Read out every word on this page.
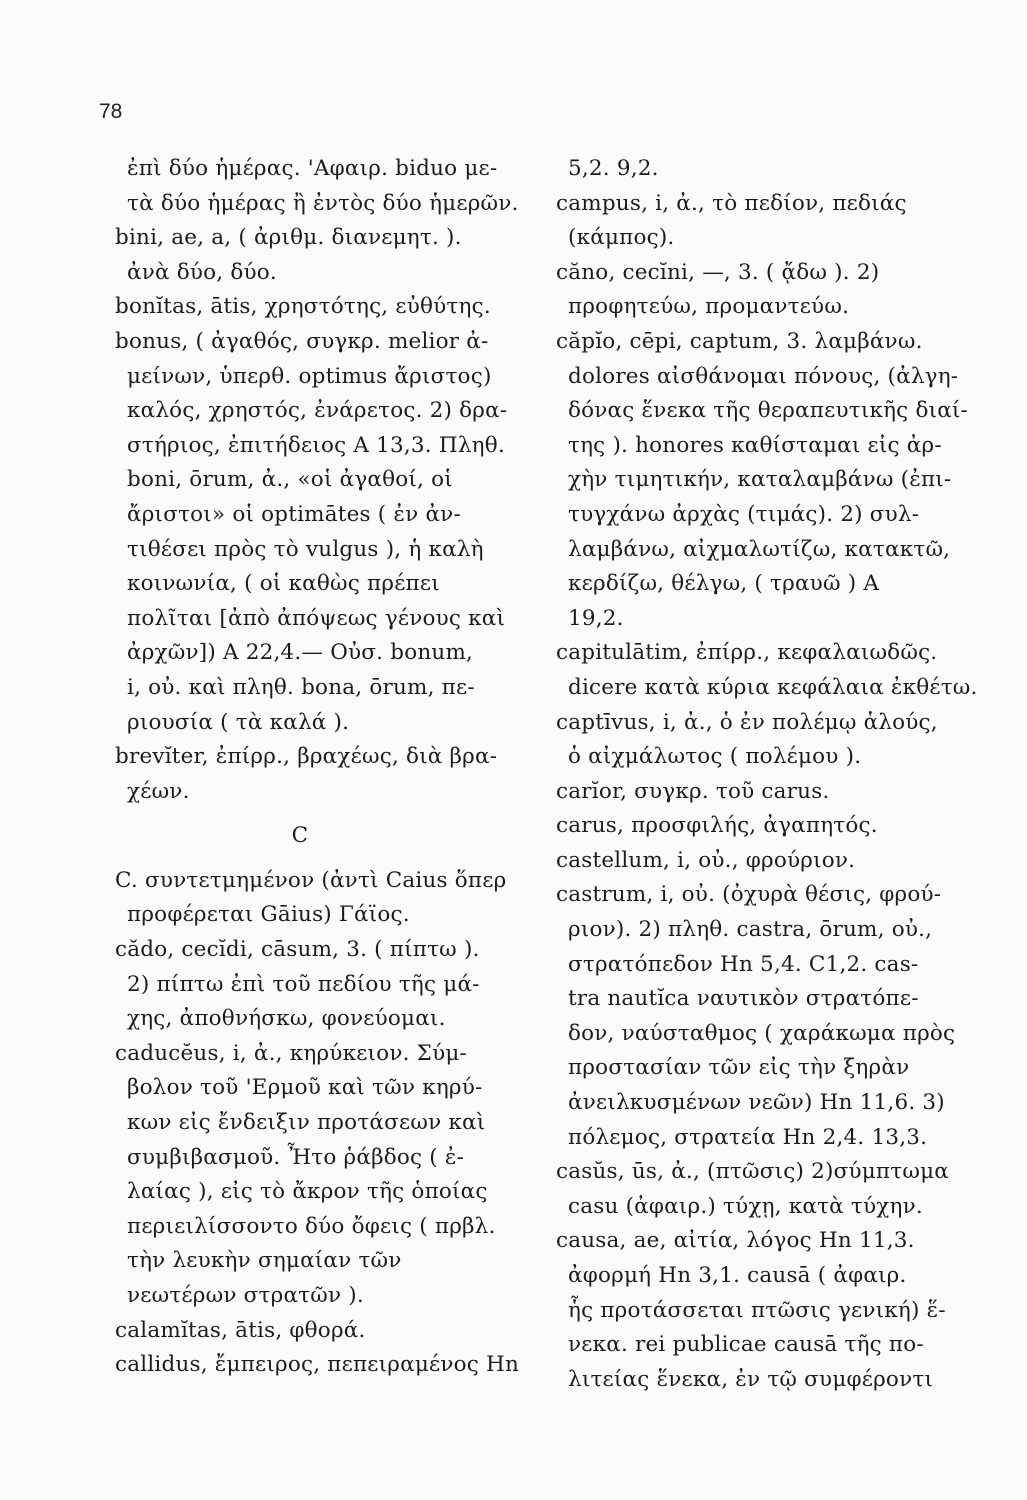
78
ἐπὶ δύο ἡμέρας. 'Αφαιρ. biduo με-
τὰ δύο ἡμέρας ἢ ἐντὸς δύο ἡμερῶν.
bini, ae, a, ( ἀριθμ. διανεμητ. ).
ἀνὰ δύο, δύο.
bonĭtas, ātis, χρηστότης, εὐθύτης.
bonus, ( ἀγαθός, συγκρ. melior ἀ-
μείνων, ὑπερθ. optimus ἄριστος)
καλός, χρηστός, ἐνάρετος. 2) δρα-
στήριος, ἐπιτήδειος Α 13,3. Πληθ.
boni, ōrum, ἀ., «οἱ ἀγαθοί, οἱ
ἄριστοι» οἱ optimātes ( ἐν ἀν-
τιθέσει πρὸς τὸ vulgus ), ἡ καλὴ
κοινωνία, ( οἱ καθὼς πρέπει
πολῖται [ἀπὸ ἀπόψεως γένους καὶ
ἀρχῶν]) Α 22,4.— Οὐσ. bonum,
i, οὐ. καὶ πληθ. bona, ōrum, πε-
ριουσία ( τὰ καλά ).
brevĭter, ἐπίρρ., βραχέως, διὰ βρα-
χέων.
C
C. συντετμημένον (ἀντὶ Caius ὅπερ
προφέρεται Gāius) Γάϊος.
cădo, cecĭdi, cāsum, 3. ( πίπτω ).
2) πίπτω ἐπὶ τοῦ πεδίου τῆς μά-
χης, ἀποθνήσκω, φονεύομαι.
caducĕus, i, ἀ., κηρύκειον. Σύμ-
βολον τοῦ 'Ερμοῦ καὶ τῶν κηρύ-
κων εἰς ἔνδειξιν προτάσεων καὶ
συμβιβασμοῦ. Ἦτο ῥάβδος ( ἐ-
λαίας ), εἰς τὸ ἄκρον τῆς ὁποίας
περιειλίσσοντο δύο ὄφεις ( πρβλ.
τὴν λευκὴν σημαίαν τῶν
νεωτέρων στρατῶν ).
calamĭtas, ātis, φθορά.
callidus, ἔμπειρος, πεπειραμένος Hn
5,2. 9,2.
campus, i, ἀ., τὸ πεδίον, πεδιάς
(κάμπος).
căno, cecĭni, —, 3. ( ᾄδω ). 2)
προφητεύω, προμαντεύω.
căpĭo, cēpi, captum, 3. λαμβάνω.
dolores αἰσθάνομαι πόνους, (ἀλγη-
δόνας ἕνεκα τῆς θεραπευτικῆς διαί-
της ). honores καθίσταμαι εἰς ἀρ-
χὴν τιμητικήν, καταλαμβάνω (ἐπι-
τυγχάνω ἀρχὰς (τιμάς). 2) συλ-
λαμβάνω, αἰχμαλωτίζω, κατακτῶ,
κερδίζω, θέλγω, ( τραυῶ ) Α
19,2.
capitulātim, ἐπίρρ., κεφαλαιωδῶς.
dicere κατὰ κύρια κεφάλαια ἐκθέτω.
captīvus, i, ἀ., ὁ ἐν πολέμῳ ἁλούς,
ὁ αἰχμάλωτος ( πολέμου ).
carĭor, συγκρ. τοῦ carus.
carus, προσφιλής, ἀγαπητός.
castellum, i, οὐ., φρούριον.
castrum, i, οὐ. (ὀχυρὰ θέσις, φρού-
ριον). 2) πληθ. castra, ōrum, οὐ.,
στρατόπεδον Hn 5,4. C1,2. cas-
tra nautĭca ναυτικὸν στρατόπε-
δον, ναύσταθμος ( χαράκωμα πρὸς
προστασίαν τῶν εἰς τὴν ξηρὰν
ἀνειλκυσμένων νεῶν) Hn 11,6. 3)
πόλεμος, στρατεία Hn 2,4. 13,3.
casŭs, ūs, ἀ., (πτῶσις) 2)σύμπτωμα
casu (ἀφαιρ.) τύχῃ, κατὰ τύχην.
causa, ae, αἰτία, λόγος Hn 11,3.
ἀφορμή Hn 3,1. causā ( ἀφαιρ.
ἧς προτάσσεται πτῶσις γενική) ἕ-
νεκα. rei publicae causā τῆς πο-
λιτείας ἕνεκα, ἐν τῷ συμφέροντι
